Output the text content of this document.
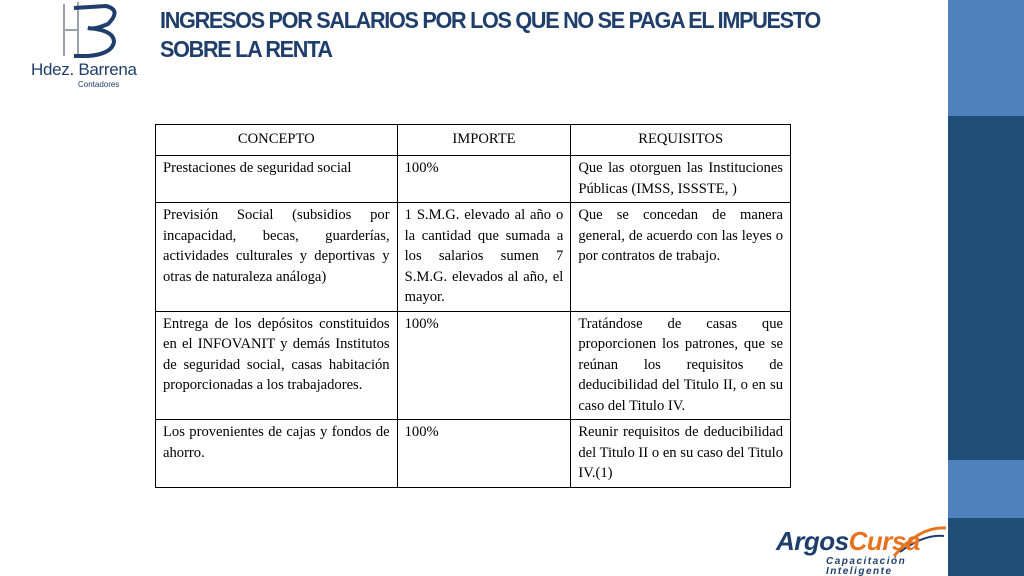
Hdez. Barrena
Contadores
INGRESOS POR SALARIOS POR LOS QUE NO SE PAGA EL IMPUESTO SOBRE LA RENTA
CONCEPTO	IMPORTE	REQUISITOS
Prestaciones de seguridad social	100%	Que las otorguen las Instituciones Públicas (IMSS, ISSSTE, )
Previsión Social (subsidios por incapacidad, becas, guarderías, actividades culturales y deportivas y otras de naturaleza análoga)	1 S.M.G. elevado al año o la cantidad que sumada a los salarios sumen 7 S.M.G. elevados al año, el mayor.	Que se concedan de manera general, de acuerdo con las leyes o por contratos de trabajo.
Entrega de los depósitos constituidos en el INFOVANIT y demás Institutos de seguridad social, casas habitación proporcionadas a los trabajadores.	100%	Tratándose de casas que proporcionen los patrones, que se reúnan los requisitos de deducibilidad del Titulo II, o en su caso del Titulo IV.
Los provenientes de cajas y fondos de ahorro.	100%	Reunir requisitos de deducibilidad del Titulo II o en su caso del Titulo IV.(1)
ArgosCursa
Capacitación
Inteligente
